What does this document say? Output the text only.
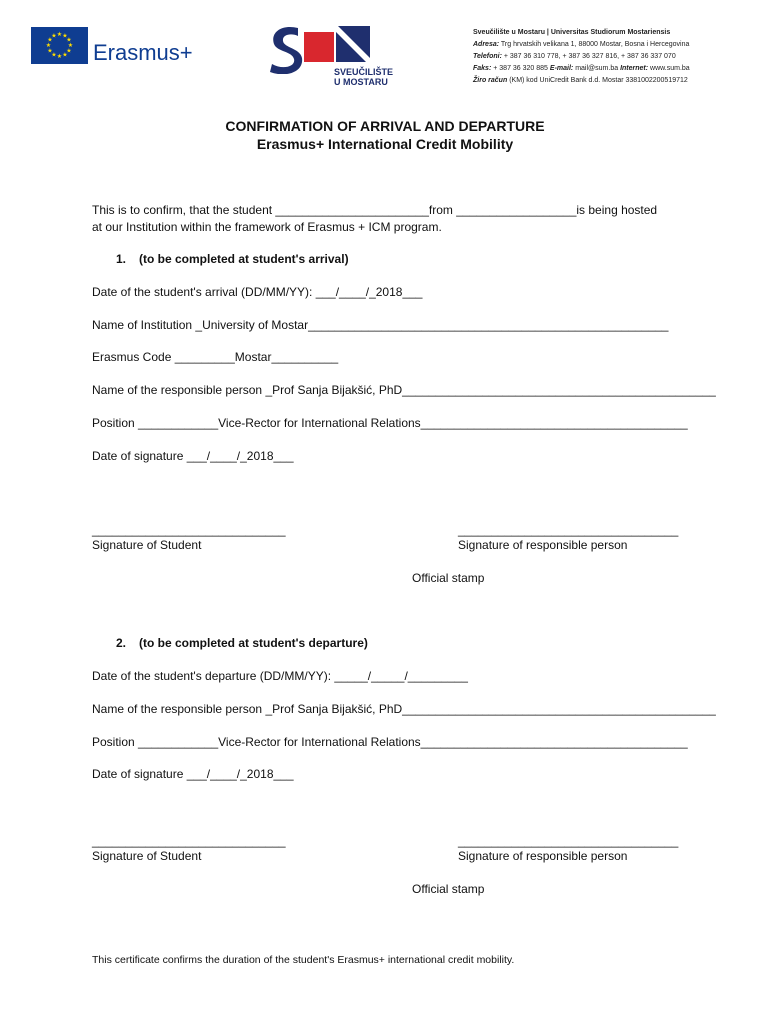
★ ★
★
★
★
★
★
★
★
★
★
★
Erasmus+
SVEUČILIŠTE
U MOSTARU
Sveučilište u Mostaru | Universitas Studiorum Mostariensis
Adresa: Trg hrvatskih velikana 1, 88000 Mostar, Bosna i Hercegovina
Telefoni: + 387 36 310 778, + 387 36 327 816, + 387 36 337 070
Faks: + 387 36 320 885 E-mail: mail@sum.ba Internet: www.sum.ba
Žiro račun (KM) kod UniCredit Bank d.d. Mostar 3381002200519712
CONFIRMATION OF ARRIVAL AND DEPARTURE
Erasmus+ International Credit Mobility
This is to confirm, that the student _______________________from __________________is being hosted
at our Institution within the framework of Erasmus + ICM program.
1. (to be completed at student's arrival)
Date of the student's arrival (DD/MM/YY): ___/____/_2018___
Name of Institution _University of Mostar______________________________________________________
Erasmus Code _________Mostar__________
Name of the responsible person _Prof Sanja Bijakšić, PhD_______________________________________________
Position ____________Vice-Rector for International Relations________________________________________
Date of signature ___/____/_2018___
_____________________________
Signature of Student
_________________________________
Signature of responsible person
Official stamp
2. (to be completed at student's departure)
Date of the student's departure (DD/MM/YY): _____/_____/_________
Name of the responsible person _Prof Sanja Bijakšić, PhD_______________________________________________
Position ____________Vice-Rector for International Relations________________________________________
Date of signature ___/____/_2018___
_____________________________
Signature of Student
_________________________________
Signature of responsible person
Official stamp
This certificate confirms the duration of the student's Erasmus+ international credit mobility.
